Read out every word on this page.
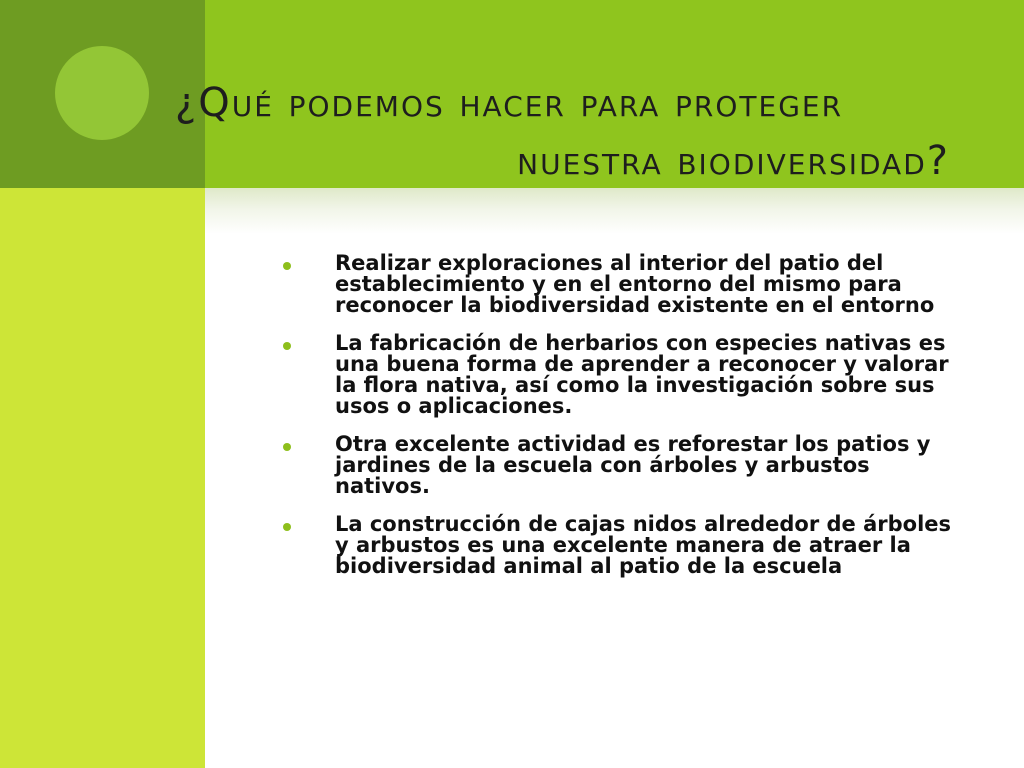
¿Qué podemos hacer para proteger
nuestra biodiversidad?
Realizar exploraciones al interior del patio del establecimiento y en el entorno del mismo para reconocer la biodiversidad existente en el entorno
La fabricación de herbarios con especies nativas es una buena forma de aprender a reconocer y valorar la flora nativa, así como la investigación sobre sus usos o aplicaciones.
Otra excelente actividad es reforestar los patios y jardines de la escuela con árboles y arbustos nativos.
La construcción de cajas nidos alrededor de árboles y arbustos es una excelente manera de atraer la biodiversidad animal al patio de la escuela
